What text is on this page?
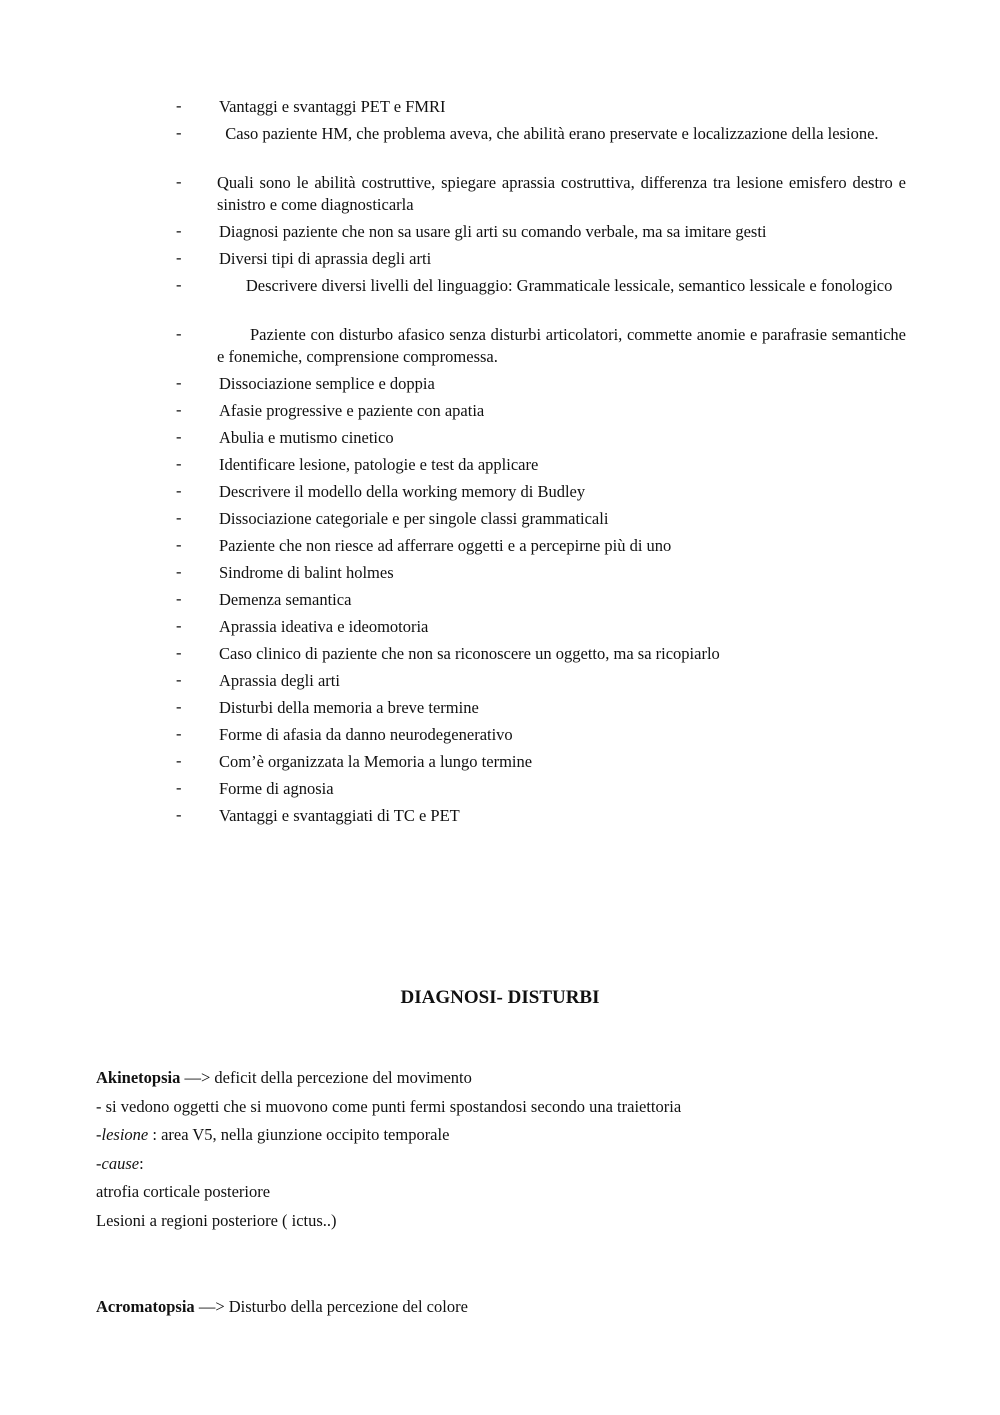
- Vantaggi e svantaggi PET e FMRI
- Caso paziente HM, che problema aveva, che abilità erano preservate e localizzazione della lesione.
- Quali sono le abilità costruttive, spiegare aprassia costruttiva, differenza tra lesione emisfero destro e sinistro e come diagnosticarla
- Diagnosi paziente che non sa usare gli arti su comando verbale, ma sa imitare gesti
- Diversi tipi di aprassia degli arti
- Descrivere diversi livelli del linguaggio: Grammaticale lessicale, semantico lessicale e fonologico
- Paziente con disturbo afasico senza disturbi articolatori, commette anomie e parafrasie semantiche e fonemiche, comprensione compromessa.
- Dissociazione semplice e doppia
- Afasie progressive e paziente con apatia
- Abulia e mutismo cinetico
- Identificare lesione, patologie e test da applicare
- Descrivere il modello della working memory di Budley
- Dissociazione categoriale e per singole classi grammaticali
- Paziente che non riesce ad afferrare oggetti e a percepirne più di uno
- Sindrome di balint holmes
- Demenza semantica
- Aprassia ideativa e ideomotoria
- Caso clinico di paziente che non sa riconoscere un oggetto, ma sa ricopiarlo
- Aprassia degli arti
- Disturbi della memoria a breve termine
- Forme di afasia da danno neurodegenerativo
- Com’è organizzata la Memoria a lungo termine
- Forme di agnosia
- Vantaggi e svantaggiati di TC e PET
DIAGNOSI- DISTURBI

Akinetopsia —> deficit della percezione del movimento

- si vedono oggetti che si muovono come punti fermi spostandosi secondo una traiettoria

-lesione : area V5, nella giunzione occipito temporale

-cause:

atrofia corticale posteriore

Lesioni a regioni posteriore ( ictus..)

Acromatopsia —> Disturbo della percezione del colore
